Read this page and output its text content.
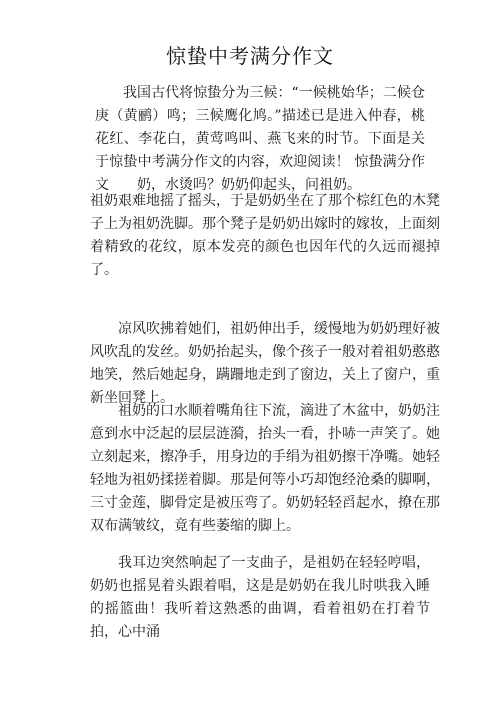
惊蛰中考满分作文

我国古代将惊蛰分为三候：“一候桃始华；二候仓庚（黄鹂）鸣；三候鹰化鸠。”描述已是进入仲春，桃花红、李花白，黄莺鸣叫、燕飞来的时节。下面是关于惊蛰中考满分作文的内容，欢迎阅读！ 惊蛰满分作文　　奶，水烫吗？奶奶仰起头，问祖奶。

祖奶艰难地摇了摇头，于是奶奶坐在了那个棕红色的木凳子上为祖奶洗脚。那个凳子是奶奶出嫁时的嫁妆，上面刻着精致的花纹，原本发亮的颜色也因年代的久远而褪掉了。

凉风吹拂着她们，祖奶伸出手，缓慢地为奶奶理好被风吹乱的发丝。奶奶抬起头，像个孩子一般对着祖奶憨憨地笑，然后她起身，蹒跚地走到了窗边，关上了窗户，重新坐回凳上。

祖奶的口水顺着嘴角往下流，滴进了木盆中，奶奶注意到水中泛起的层层涟漪，抬头一看，扑哧一声笑了。她立刻起来，擦净手，用身边的手绢为祖奶擦干净嘴。她轻轻地为祖奶揉搓着脚。那是何等小巧却饱经沧桑的脚啊，三寸金莲，脚骨定是被压弯了。奶奶轻轻舀起水，撩在那双布满皱纹，竟有些萎缩的脚上。

我耳边突然响起了一支曲子，是祖奶在轻轻哼唱，奶奶也摇晃着头跟着唱，这是是奶奶在我儿时哄我入睡的摇篮曲！我听着这熟悉的曲调，看着祖奶在打着节拍，心中涌
